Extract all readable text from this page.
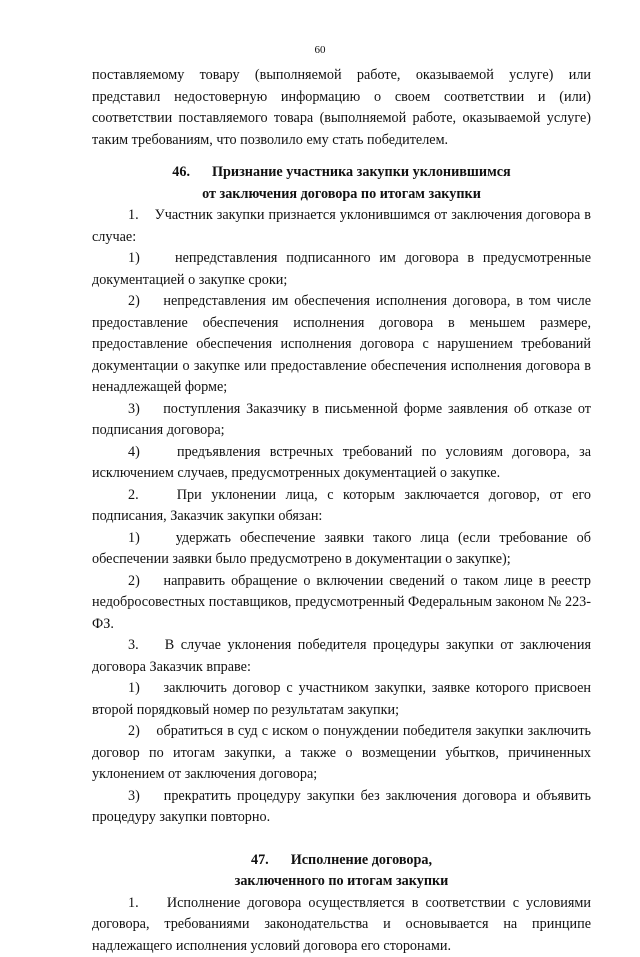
60

поставляемому товару (выполняемой работе, оказываемой услуге) или представил недостоверную информацию о своем соответствии и (или) соответствии поставляемого товара (выполняемой работе, оказываемой услуге) таким требованиям, что позволило ему стать победителем.

46. Признание участника закупки уклонившимся

от заключения договора по итогам закупки

1.    Участник закупки признается уклонившимся от заключения договора в случае:

1)    непредставления подписанного им договора в предусмотренные документацией о закупке сроки;

2)    непредставления им обеспечения исполнения договора, в том числе предоставление обеспечения исполнения договора в меньшем размере, предоставление обеспечения исполнения договора с нарушением требований документации о закупке или предоставление обеспечения исполнения договора в ненадлежащей форме;

3)    поступления Заказчику в письменной форме заявления об отказе от подписания договора;

4)    предъявления встречных требований по условиям договора, за исключением случаев, предусмотренных документацией о закупке.

2.    При уклонении лица, с которым заключается договор, от его подписания, Заказчик закупки обязан:

1)    удержать обеспечение заявки такого лица (если требование об обеспечении заявки было предусмотрено в документации о закупке);

2)    направить обращение о включении сведений о таком лице в реестр недобросовестных поставщиков, предусмотренный Федеральным законом № 223-ФЗ.

3.    В случае уклонения победителя процедуры закупки от заключения договора Заказчик вправе:

1)    заключить договор с участником закупки, заявке которого присвоен второй порядковый номер по результатам закупки;

2)    обратиться в суд с иском о понуждении победителя закупки заключить договор по итогам закупки, а также о возмещении убытков, причиненных уклонением от заключения договора;

3)    прекратить процедуру закупки без заключения договора и объявить процедуру закупки повторно.

47. Исполнение договора,

заключенного по итогам закупки

1.    Исполнение договора осуществляется в соответствии с условиями договора, требованиями законодательства и основывается на принципе надлежащего исполнения условий договора его сторонами.
